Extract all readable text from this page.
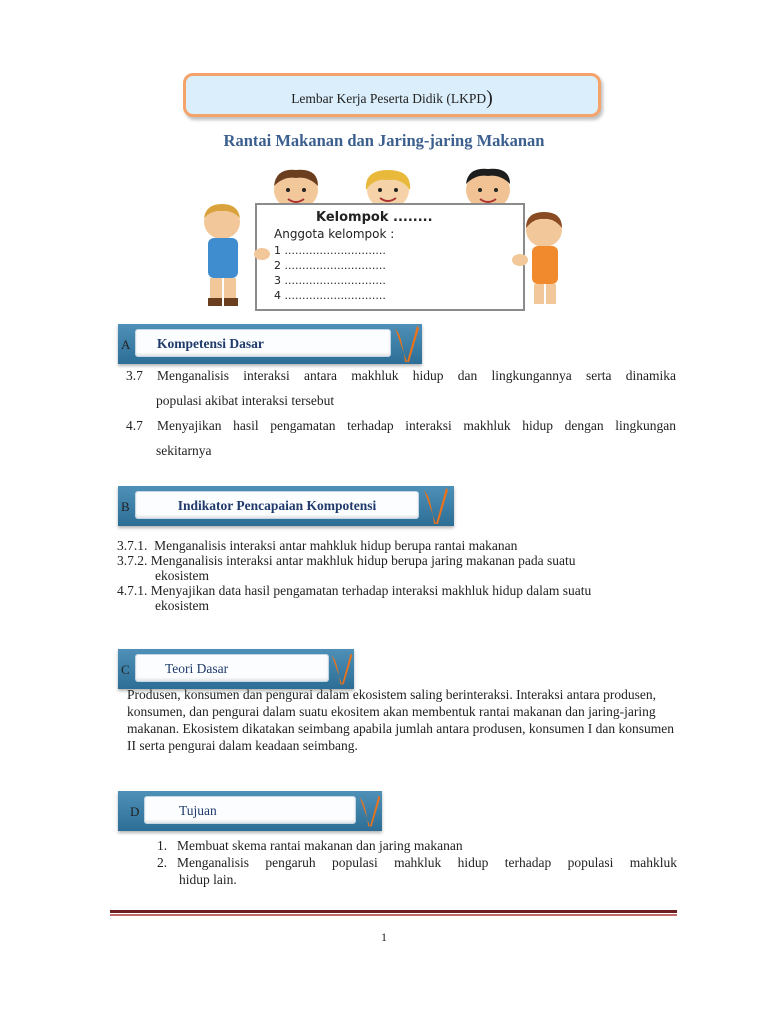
Lembar Kerja Peserta Didik (LKPD)
Rantai Makanan dan Jaring-jaring Makanan
Kelompok ........
Anggota kelompok :
1 .............................
2 .............................
3 .............................
4 .............................
A	Kompetensi Dasar
3.7	Menganalisis interaksi antara makhluk hidup dan lingkungannya serta dinamika
populasi akibat interaksi tersebut
4.7	Menyajikan hasil pengamatan terhadap interaksi makhluk hidup dengan lingkungan
sekitarnya
B	Indikator Pencapaian Kompotensi
3.7.1. Menganalisis interaksi antar mahkluk hidup berupa rantai makanan
3.7.2. Menganalisis interaksi antar makhluk hidup berupa jaring makanan pada suatu
ekosistem
4.7.1. Menyajikan data hasil pengamatan terhadap interaksi makhluk hidup dalam suatu
ekosistem
C	Teori Dasar
Produsen, konsumen dan pengurai dalam ekosistem saling berinteraksi. Interaksi antara produsen, konsumen, dan pengurai dalam suatu ekositem akan membentuk rantai makanan dan jaring-jaring makanan. Ekosistem dikatakan seimbang apabila jumlah antara produsen, konsumen I dan konsumen II serta pengurai dalam keadaan seimbang.
D	Tujuan
1. Membuat skema rantai makanan dan jaring makanan
2. Menganalisis pengaruh populasi mahkluk hidup terhadap populasi mahkluk
hidup lain.
1
